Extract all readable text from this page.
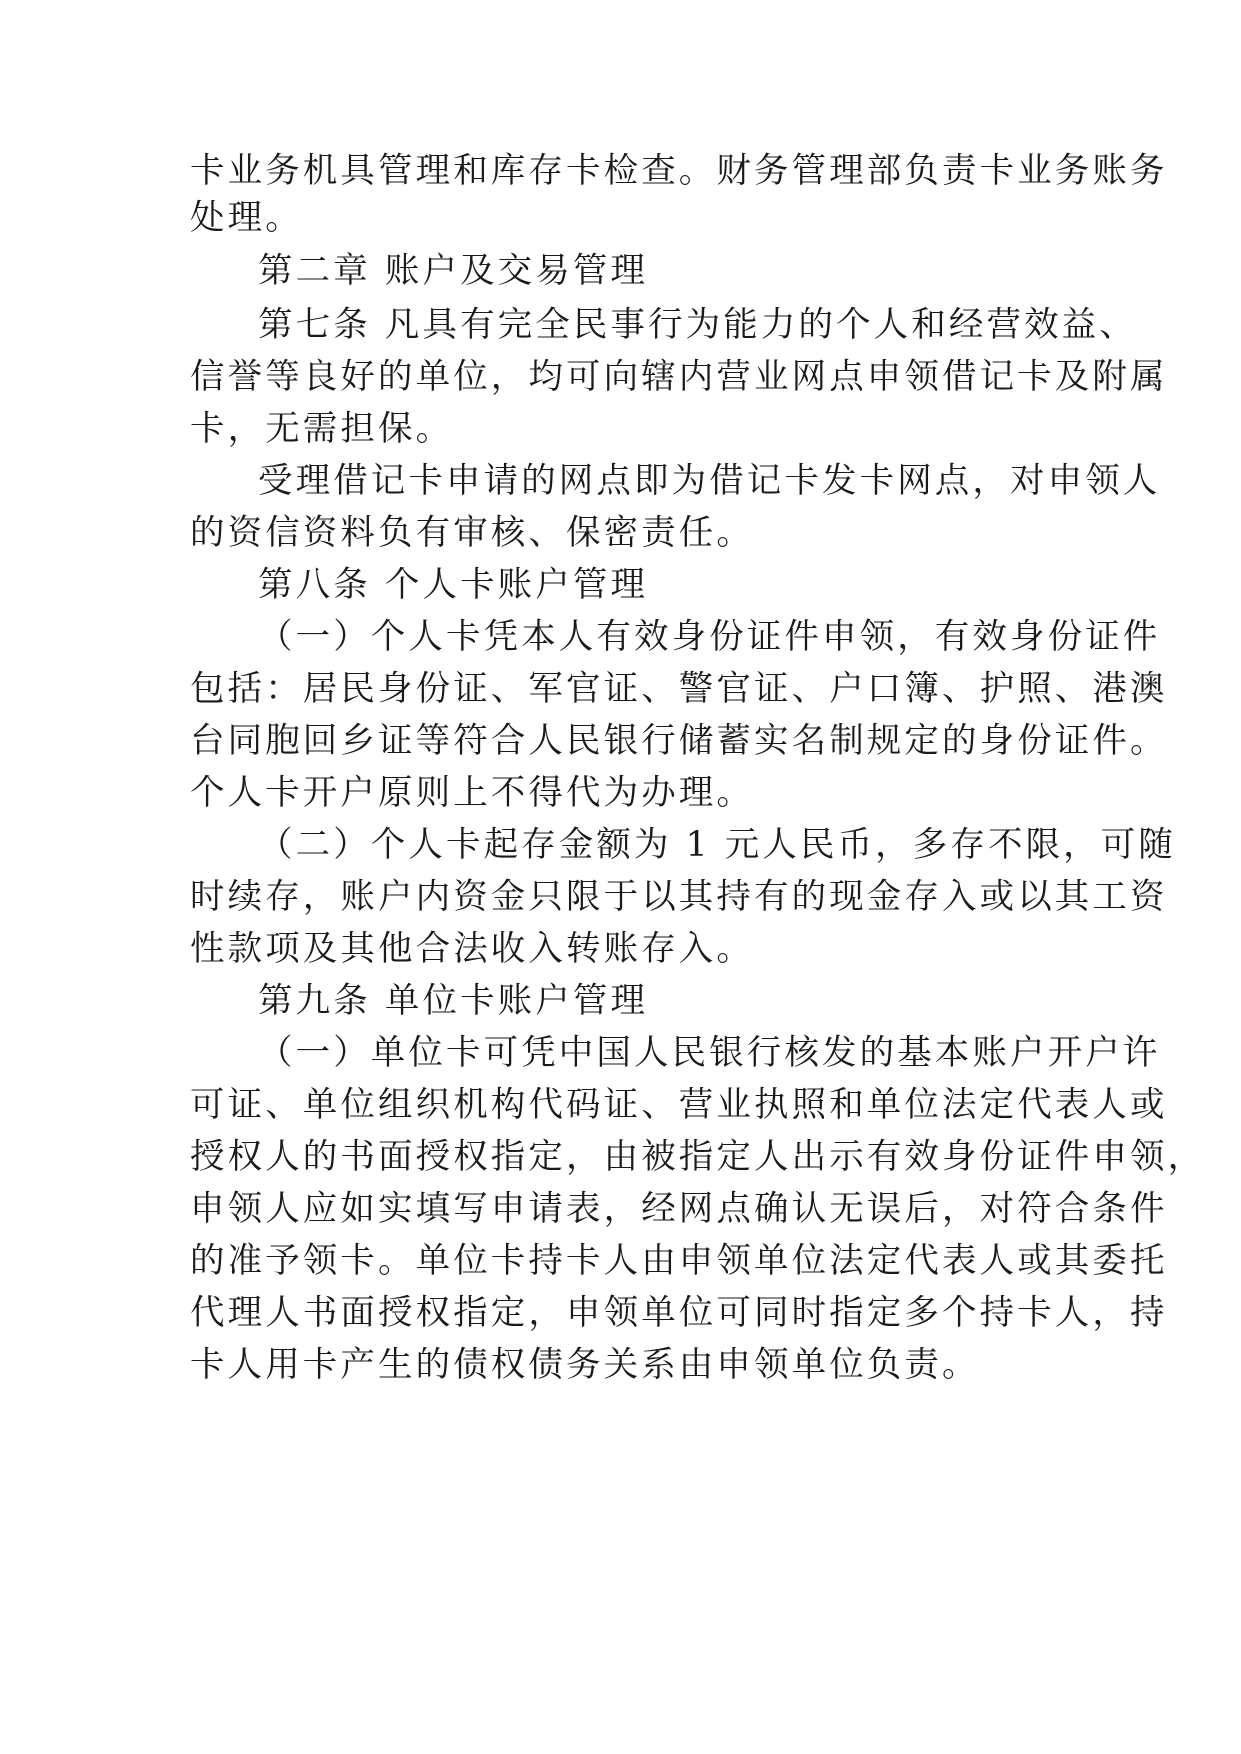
卡业务机具管理和库存卡检查。财务管理部负责卡业务账务
处理。
第二章 账户及交易管理
第七条 凡具有完全民事行为能力的个人和经营效益、
信誉等良好的单位，均可向辖内营业网点申领借记卡及附属
卡，无需担保。
受理借记卡申请的网点即为借记卡发卡网点，对申领人
的资信资料负有审核、保密责任。
第八条 个人卡账户管理
（一）个人卡凭本人有效身份证件申领，有效身份证件
包括：居民身份证、军官证、警官证、户口簿、护照、港澳
台同胞回乡证等符合人民银行储蓄实名制规定的身份证件。
个人卡开户原则上不得代为办理。
（二）个人卡起存金额为 1 元人民币，多存不限，可随
时续存，账户内资金只限于以其持有的现金存入或以其工资
性款项及其他合法收入转账存入。
第九条 单位卡账户管理
（一）单位卡可凭中国人民银行核发的基本账户开户许
可证、单位组织机构代码证、营业执照和单位法定代表人或
授权人的书面授权指定，由被指定人出示有效身份证件申领，
申领人应如实填写申请表，经网点确认无误后，对符合条件
的准予领卡。单位卡持卡人由申领单位法定代表人或其委托
代理人书面授权指定，申领单位可同时指定多个持卡人，持
卡人用卡产生的债权债务关系由申领单位负责。
